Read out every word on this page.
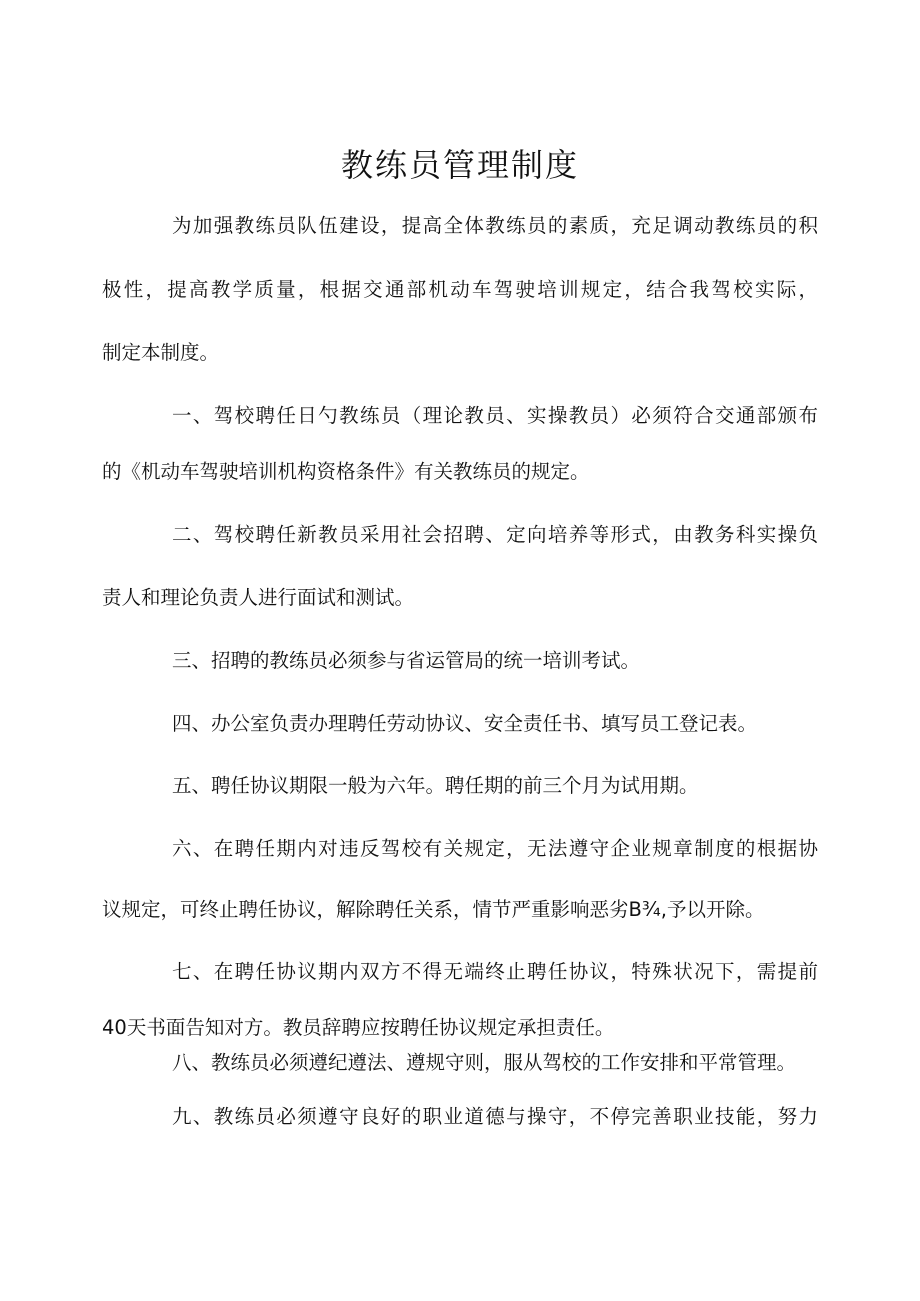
教练员管理制度
为加强教练员队伍建设，提高全体教练员的素质，充足调动教练员的积
极性，提高教学质量，根据交通部机动车驾驶培训规定，结合我驾校实际，
制定本制度。
一、驾校聘任日勺教练员（理论教员、实操教员）必须符合交通部颁布
的《机动车驾驶培训机构资格条件》有关教练员的规定。
二、驾校聘任新教员采用社会招聘、定向培养等形式，由教务科实操负
责人和理论负责人进行面试和测试。
三、招聘的教练员必须参与省运管局的统一培训考试。
四、办公室负责办理聘任劳动协议、安全责任书、填写员工登记表。
五、聘任协议期限一般为六年。聘任期的前三个月为试用期。
六、在聘任期内对违反驾校有关规定，无法遵守企业规章制度的根据协
议规定，可终止聘任协议，解除聘任关系，情节严重影响恶劣B¾,予以开除。
七、在聘任协议期内双方不得无端终止聘任协议，特殊状况下，需提前
40天书面告知对方。教员辞聘应按聘任协议规定承担责任。
八、教练员必须遵纪遵法、遵规守则，服从驾校的工作安排和平常管理。
九、教练员必须遵守良好的职业道德与操守，不停完善职业技能，努力
